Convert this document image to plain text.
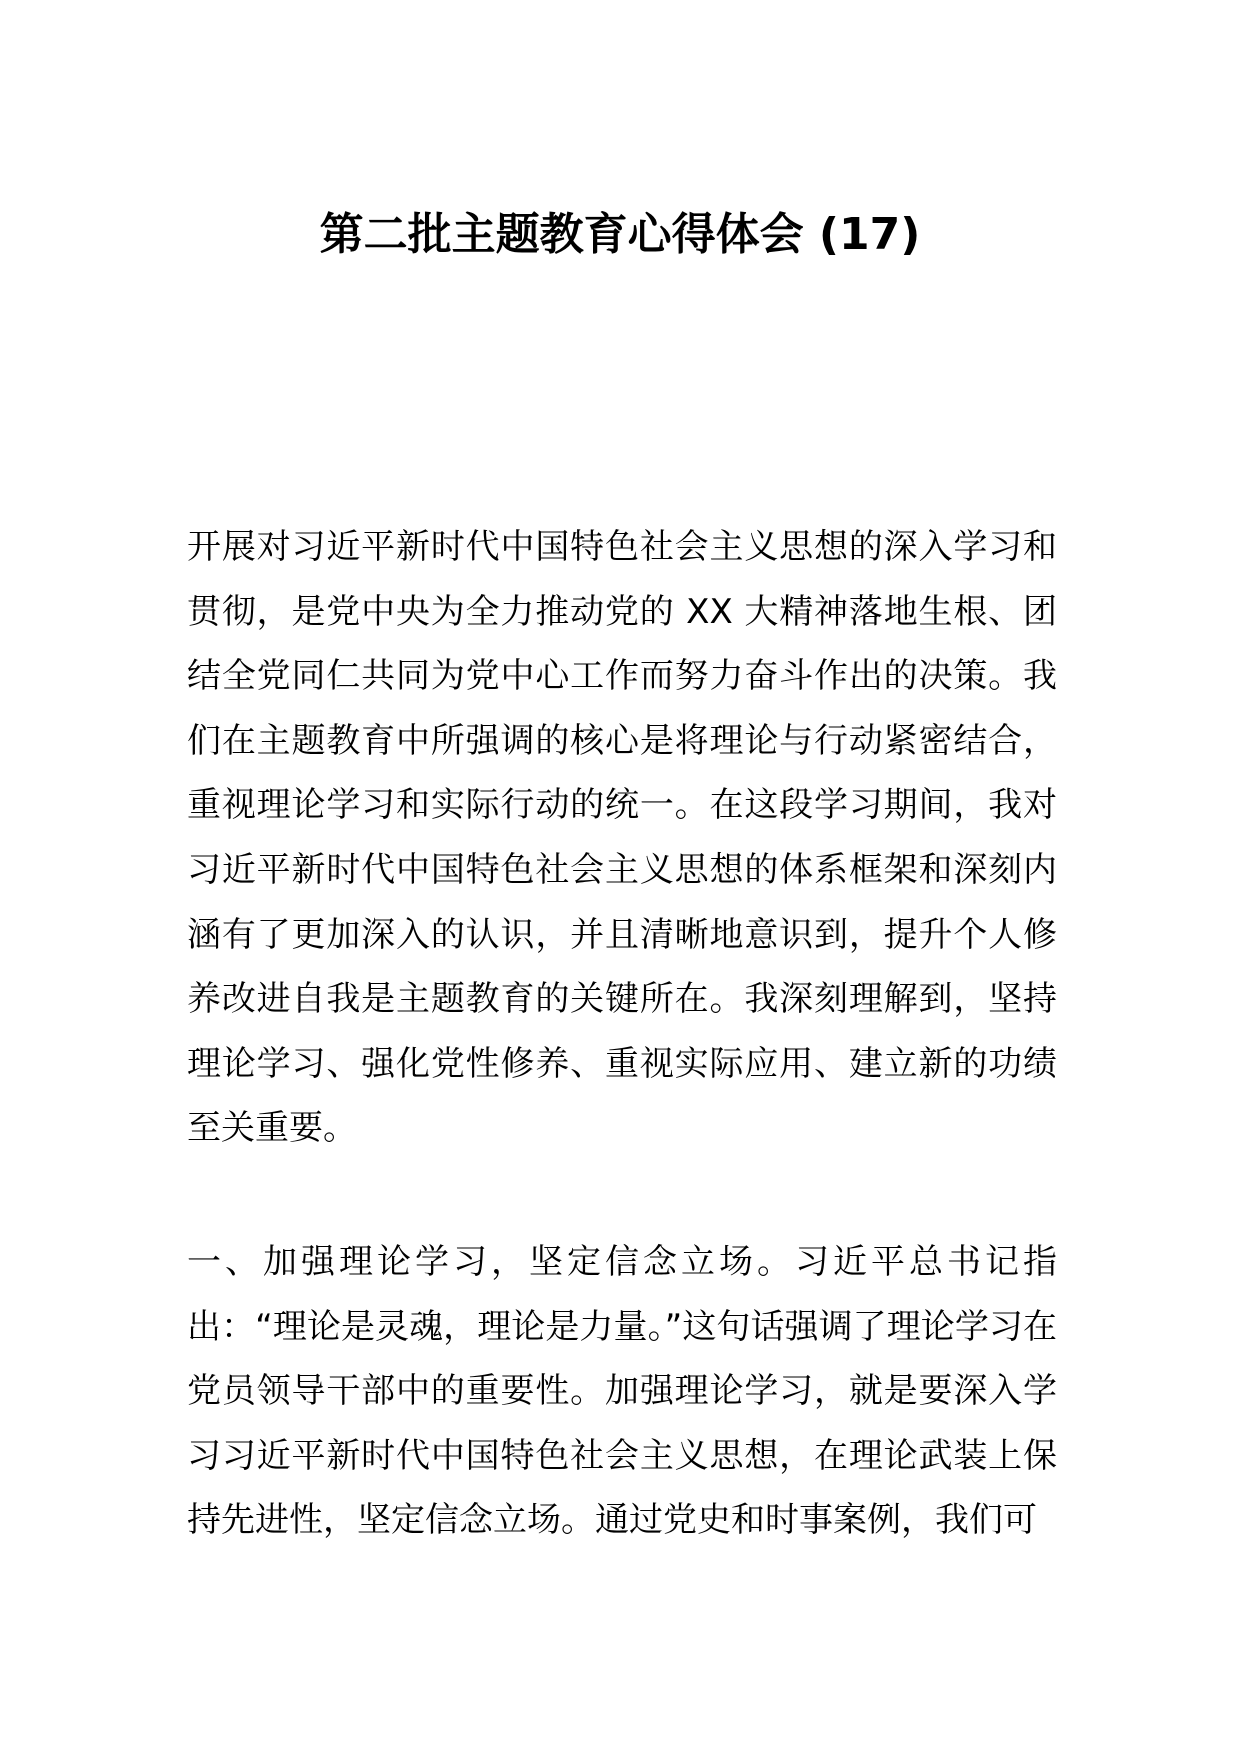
第二批主题教育心得体会 (17)

开展对习近平新时代中国特色社会主义思想的深入学习和贯彻，是党中央为全力推动党的 XX 大精神落地生根、团结全党同仁共同为党中心工作而努力奋斗作出的决策。我们在主题教育中所强调的核心是将理论与行动紧密结合，重视理论学习和实际行动的统一。在这段学习期间，我对习近平新时代中国特色社会主义思想的体系框架和深刻内涵有了更加深入的认识，并且清晰地意识到，提升个人修养改进自我是主题教育的关键所在。我深刻理解到，坚持理论学习、强化党性修养、重视实际应用、建立新的功绩至关重要。

一、加强理论学习，坚定信念立场。习近平总书记指出：“理论是灵魂，理论是力量。”这句话强调了理论学习在党员领导干部中的重要性。加强理论学习，就是要深入学习习近平新时代中国特色社会主义思想，在理论武装上保持先进性，坚定信念立场。通过党史和时事案例，我们可
